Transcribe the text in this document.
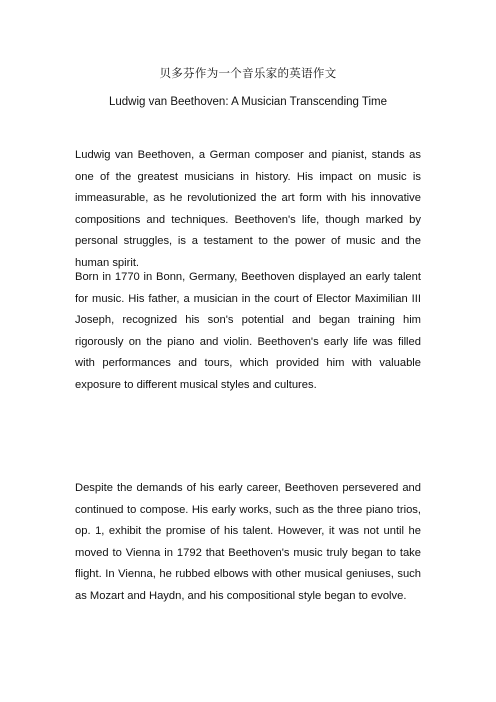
贝多芬作为一个音乐家的英语作文
Ludwig van Beethoven: A Musician Transcending Time

Ludwig van Beethoven, a German composer and pianist, stands as one of the greatest musicians in history. His impact on music is immeasurable, as he revolutionized the art form with his innovative compositions and techniques. Beethoven's life, though marked by personal struggles, is a testament to the power of music and the human spirit.

Born in 1770 in Bonn, Germany, Beethoven displayed an early talent for music. His father, a musician in the court of Elector Maximilian III Joseph, recognized his son's potential and began training him rigorously on the piano and violin. Beethoven's early life was filled with performances and tours, which provided him with valuable exposure to different musical styles and cultures.

Despite the demands of his early career, Beethoven persevered and continued to compose. His early works, such as the three piano trios, op. 1, exhibit the promise of his talent. However, it was not until he moved to Vienna in 1792 that Beethoven's music truly began to take flight. In Vienna, he rubbed elbows with other musical geniuses, such as Mozart and Haydn, and his compositional style began to evolve.
